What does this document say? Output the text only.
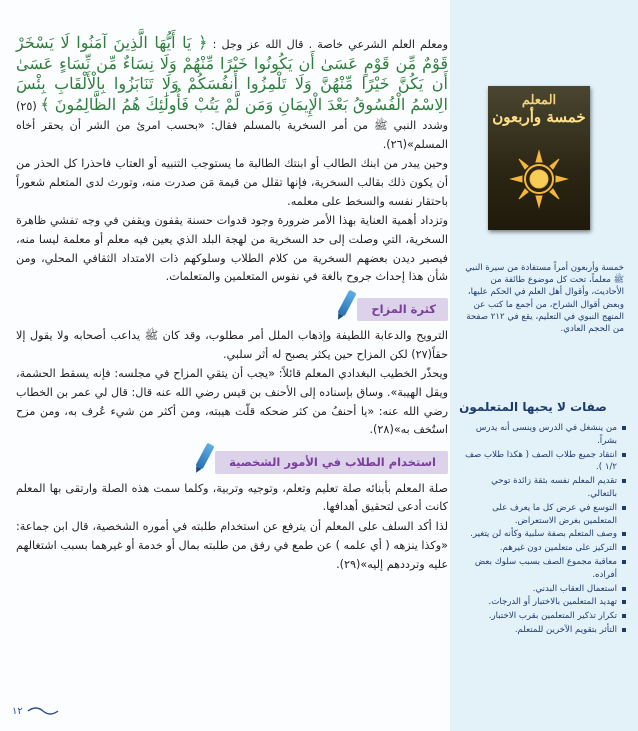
المعلم
خمسة وأربعون
خمسة وأربعون أمراً مستفادة من سيرة النبي ﷺ معلماً، تحت كل موضوع طائفة من الأحاديث، وأقوال أهل العلم في الحكم عليها، وبعض أقوال الشراح، من أجمع ما كتب عن المنهج النبوي في التعليم، يقع في ٢١٢ صفحة من الحجم العادي.
صفات لا يحبها المتعلمون
من ينشغل في الدرس وينسى أنه يدرس بشراً.
انتقاد جميع طلاب الصف ( هكذا طلاب صف ١/٢ ).
تقديم المعلم نفسه بثقة زائدة توحي بالتعالي.
التوسع في عرض كل ما يعرف على المتعلمين بغرض الاستعراض.
وصف المتعلم بصفة سلبية وكأنه لن يتغير.
التركيز على متعلمين دون غيرهم.
معاقبة مجموع الصف بسبب سلوك بعض أفراده.
استعمال العقاب البدني.
تهديد المتعلمين بالاختبار أو الدرجات.
تكرار تذكير المتعلمين بقرب الاختبار.
التأثر بتقويم الآخرين للمتعلم.

ومعلم العلم الشرعي خاصة . قال الله عز وجل : ﴿ يَا أَيُّهَا الَّذِينَ آمَنُوا لَا يَسْخَرْ قَوْمٌ مِّن قَوْمٍ عَسَىٰ أَن يَكُونُوا خَيْرًا مِّنْهُمْ وَلَا نِسَاءٌ مِّن نِّسَاءٍ عَسَىٰ أَن يَكُنَّ خَيْرًا مِّنْهُنَّ وَلَا تَلْمِزُوا أَنفُسَكُمْ وَلَا تَنَابَزُوا بِالْأَلْقَابِ بِئْسَ الِاسْمُ الْفُسُوقُ بَعْدَ الْإِيمَانِ وَمَن لَّمْ يَتُبْ فَأُولَٰئِكَ هُمُ الظَّالِمُونَ ﴾ (٢٥) وشدد النبي ﷺ من أمر السخرية بالمسلم فقال: «بحسب امرئ من الشر أن يحقر أخاه المسلم»(٢٦).

وحين يبدر من ابنك الطالب أو ابنتك الطالبة ما يستوجب التنبيه أو العتاب فاحذرا كل الحذر من أن يكون ذلك بقالب السخرية، فإنها تقلل من قيمة مَن صدرت منه، وتورث لدى المتعلم شعوراً باحتقار نفسه والسخط على معلمه.

وتزداد أهمية العناية بهذا الأمر ضرورة وجود قدوات حسنة يقفون ويقفن في وجه تفشي ظاهرة السخرية، التي وصلت إلى حد السخرية من لهجة البلد الذي يعين فيه معلم أو معلمة ليسا منه، فيصير ديدن بعضهم السخرية من كلام الطلاب وسلوكهم ذات الامتداد الثقافي المحلي، ومن شأن هذا إحداث جروح بالغة في نفوس المتعلمين والمتعلمات.

كثرة المزاح

الترويح والدعابة اللطيفة وإذهاب الملل أمر مطلوب، وقد كان ﷺ يداعب أصحابه ولا يقول إلا حقاً(٢٧) لكن المزاح حين يكثر يصبح له أثر سلبي.

ويحذّر الخطيب البغدادي المعلم قائلاً: «يجب أن يتقي المزاح في مجلسه: فإنه يسقط الحشمة، ويقل الهيبة». وساق بإسناده إلى الأحنف بن قيس رضي الله عنه قال: قال لي عمر بن الخطاب رضي الله عنه: «يا أحنفُ من كثر ضحكه قلّت هيبته، ومن أكثر من شيء عُرف به، ومن مزح استُخف به»(٢٨).

استخدام الطلاب في الأمور الشخصية

صلة المعلم بأبنائه صلة تعليم وتعلم، وتوجيه وتربية، وكلما سمت هذه الصلة وارتقى بها المعلم كانت أدعى لتحقيق أهدافها.

لذا أكد السلف على المعلم أن يترفع عن استخدام طلبته في أموره الشخصية، قال ابن جماعة: «وكذا ينزهه ( أي علمه ) عن طمع في رفق من طلبته بمال أو خدمة أو غيرهما بسبب اشتغالهم عليه وترددهم إليه»(٢٩).

١٢
